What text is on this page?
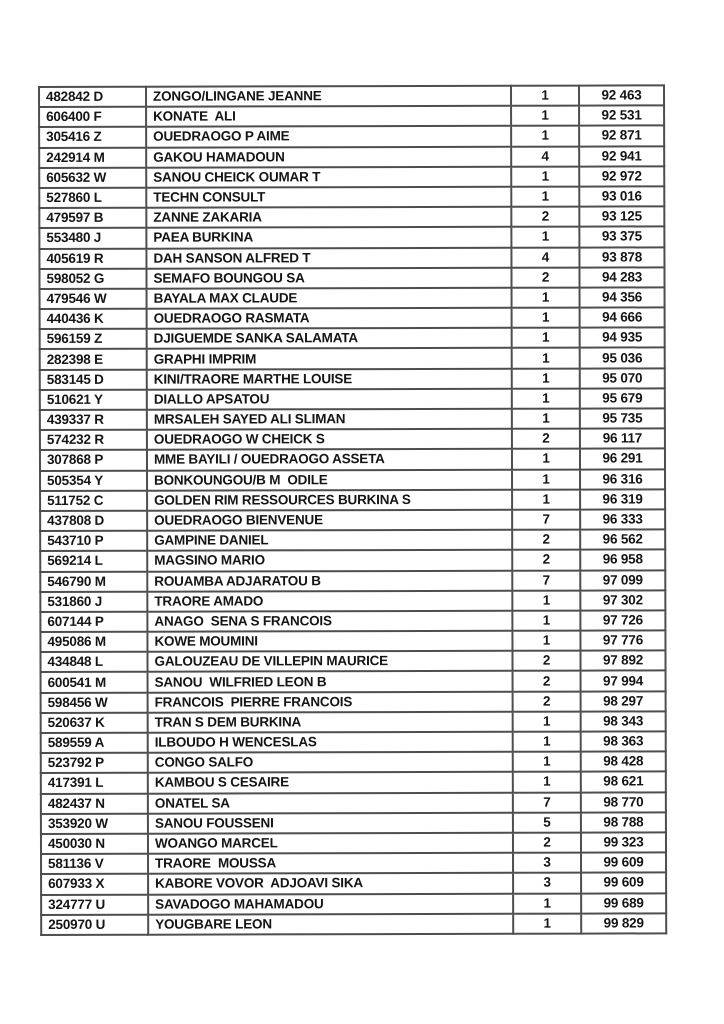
482842 D	ZONGO/LINGANE JEANNE	1	92 463
606400 F	KONATE  ALI	1	92 531
305416 Z	OUEDRAOGO P AIME	1	92 871
242914 M	GAKOU HAMADOUN	4	92 941
605632 W	SANOU CHEICK OUMAR T	1	92 972
527860 L	TECHN CONSULT	1	93 016
479597 B	ZANNE ZAKARIA	2	93 125
553480 J	PAEA BURKINA	1	93 375
405619 R	DAH SANSON ALFRED T	4	93 878
598052 G	SEMAFO BOUNGOU SA	2	94 283
479546 W	BAYALA MAX CLAUDE	1	94 356
440436 K	OUEDRAOGO RASMATA	1	94 666
596159 Z	DJIGUEMDE SANKA SALAMATA	1	94 935
282398 E	GRAPHI IMPRIM	1	95 036
583145 D	KINI/TRAORE MARTHE LOUISE	1	95 070
510621 Y	DIALLO APSATOU	1	95 679
439337 R	MRSALEH SAYED ALI SLIMAN	1	95 735
574232 R	OUEDRAOGO W CHEICK S	2	96 117
307868 P	MME BAYILI / OUEDRAOGO ASSETA	1	96 291
505354 Y	BONKOUNGOU/B M  ODILE	1	96 316
511752 C	GOLDEN RIM RESSOURCES BURKINA S	1	96 319
437808 D	OUEDRAOGO BIENVENUE	7	96 333
543710 P	GAMPINE DANIEL	2	96 562
569214 L	MAGSINO MARIO	2	96 958
546790 M	ROUAMBA ADJARATOU B	7	97 099
531860 J	TRAORE AMADO	1	97 302
607144 P	ANAGO  SENA S FRANCOIS	1	97 726
495086 M	KOWE MOUMINI	1	97 776
434848 L	GALOUZEAU DE VILLEPIN MAURICE	2	97 892
600541 M	SANOU  WILFRIED LEON B	2	97 994
598456 W	FRANCOIS  PIERRE FRANCOIS	2	98 297
520637 K	TRAN S DEM BURKINA	1	98 343
589559 A	ILBOUDO H WENCESLAS	1	98 363
523792 P	CONGO SALFO	1	98 428
417391 L	KAMBOU S CESAIRE	1	98 621
482437 N	ONATEL SA	7	98 770
353920 W	SANOU FOUSSENI	5	98 788
450030 N	WOANGO MARCEL	2	99 323
581136 V	TRAORE  MOUSSA	3	99 609
607933 X	KABORE VOVOR  ADJOAVI SIKA	3	99 609
324777 U	SAVADOGO MAHAMADOU	1	99 689
250970 U	YOUGBARE LEON	1	99 829
